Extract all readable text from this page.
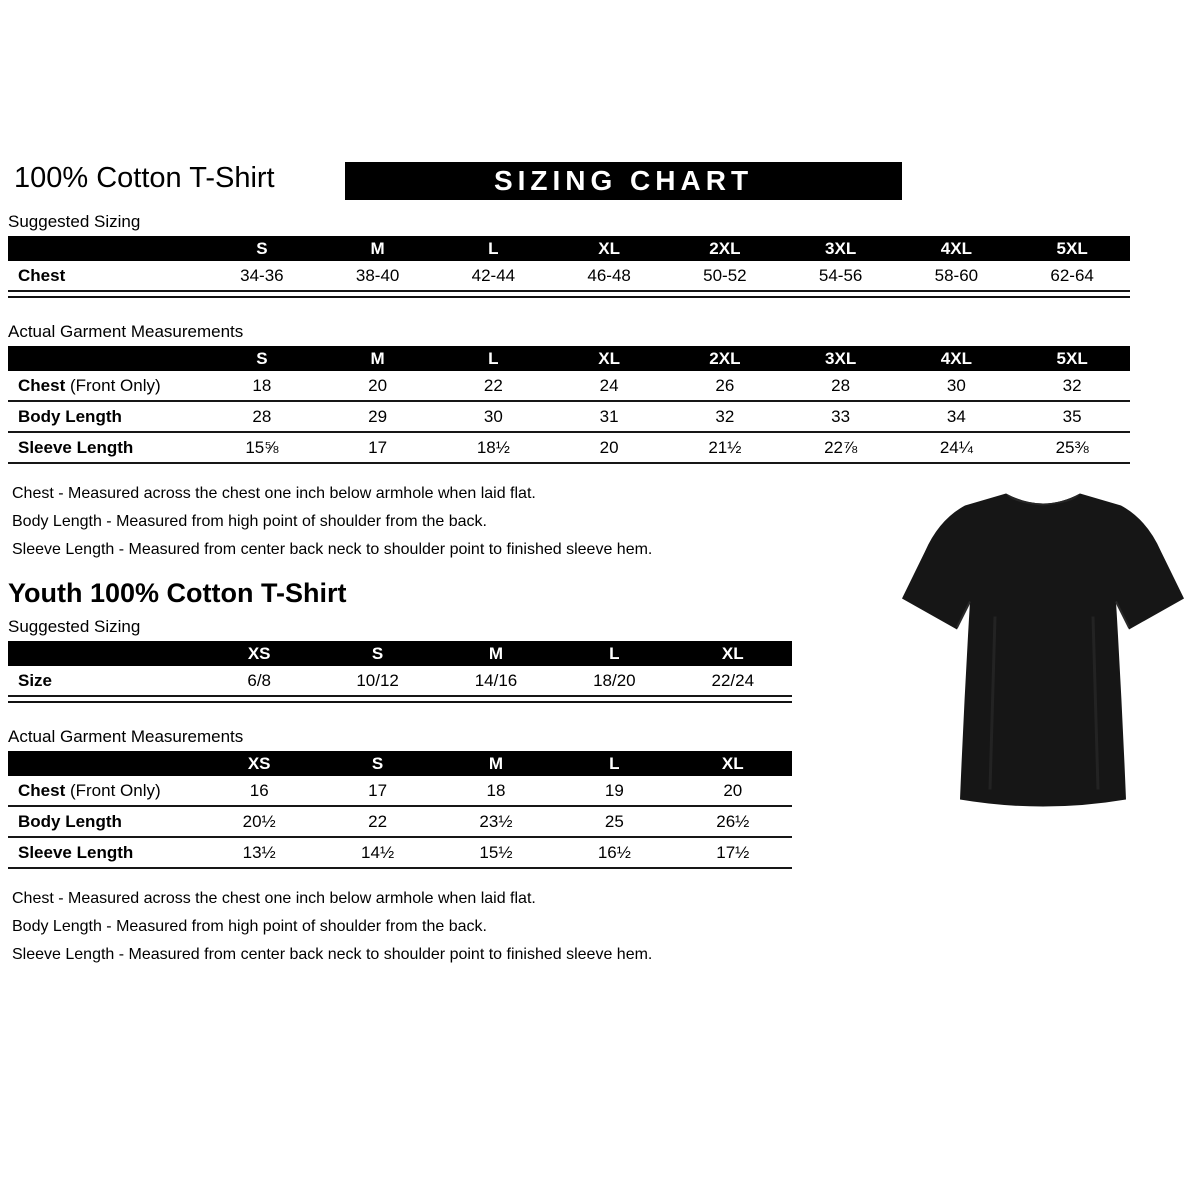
100% Cotton T-Shirt	SIZING CHART
Suggested Sizing
	S	M	L	XL	2XL	3XL	4XL	5XL
Chest	34-36	38-40	42-44	46-48	50-52	54-56	58-60	62-64
Actual Garment Measurements
	S	M	L	XL	2XL	3XL	4XL	5XL
Chest (Front Only)	18	20	22	24	26	28	30	32
Body Length	28	29	30	31	32	33	34	35
Sleeve Length	15⅝	17	18½	20	21½	22⅞	24¼	25⅜
Chest - Measured across the chest one inch below armhole when laid flat.
Body Length - Measured from high point of shoulder from the back.
Sleeve Length - Measured from center back neck to shoulder point to finished sleeve hem.
Youth 100% Cotton T-Shirt
Suggested Sizing
	XS	S	M	L	XL
Size	6/8	10/12	14/16	18/20	22/24
Actual Garment Measurements
	XS	S	M	L	XL
Chest (Front Only)	16	17	18	19	20
Body Length	20½	22	23½	25	26½
Sleeve Length	13½	14½	15½	16½	17½
Chest - Measured across the chest one inch below armhole when laid flat.
Body Length - Measured from high point of shoulder from the back.
Sleeve Length - Measured from center back neck to shoulder point to finished sleeve hem.
